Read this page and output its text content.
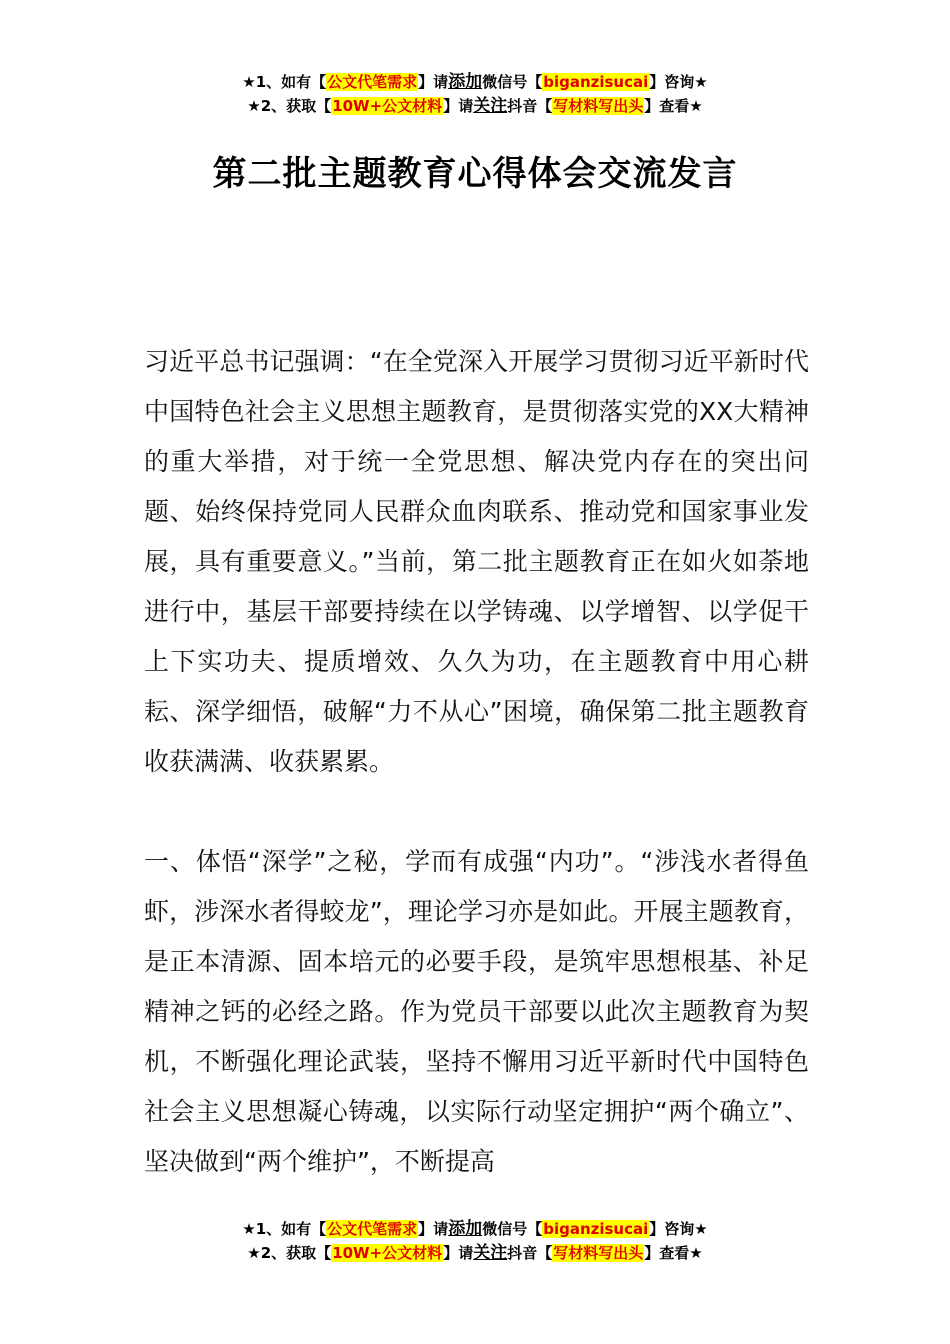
★1、如有【公文代笔需求】请添加微信号【biganzisucai】咨询★
★2、获取【10W+公文材料】请关注抖音【写材料写出头】查看★
第二批主题教育心得体会交流发言

习近平总书记强调：“在全党深入开展学习贯彻习近平新时代中国特色社会主义思想主题教育，是贯彻落实党的XX大精神的重大举措，对于统一全党思想、解决党内存在的突出问题、始终保持党同人民群众血肉联系、推动党和国家事业发展，具有重要意义。”当前，第二批主题教育正在如火如荼地进行中，基层干部要持续在以学铸魂、以学增智、以学促干上下实功夫、提质增效、久久为功，在主题教育中用心耕耘、深学细悟，破解“力不从心”困境，确保第二批主题教育收获满满、收获累累。

一、体悟“深学”之秘，学而有成强“内功”。“涉浅水者得鱼虾，涉深水者得蛟龙”，理论学习亦是如此。开展主题教育，是正本清源、固本培元的必要手段，是筑牢思想根基、补足精神之钙的必经之路。作为党员干部要以此次主题教育为契机，不断强化理论武装，坚持不懈用习近平新时代中国特色社会主义思想凝心铸魂，以实际行动坚定拥护“两个确立”、坚决做到“两个维护”，不断提高

★1、如有【公文代笔需求】请添加微信号【biganzisucai】咨询★
★2、获取【10W+公文材料】请关注抖音【写材料写出头】查看★
